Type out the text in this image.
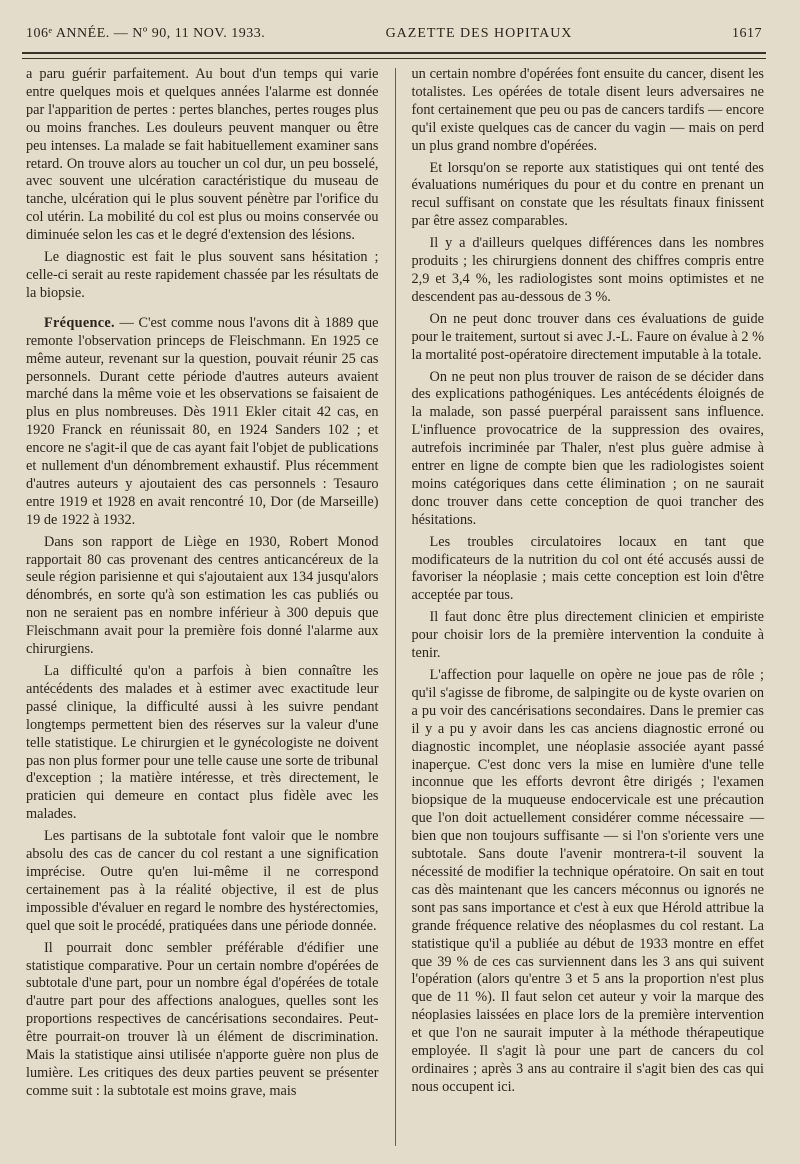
106ᵉ ANNÉE. — Nº 90, 11 NOV. 1933.	GAZETTE DES HOPITAUX	1617

a paru guérir parfaitement. Au bout d'un temps qui varie entre quelques mois et quelques années l'alarme est donnée par l'apparition de pertes : pertes blanches, pertes rouges plus ou moins franches. Les douleurs peuvent manquer ou être peu intenses. La malade se fait habituellement examiner sans retard. On trouve alors au toucher un col dur, un peu bosselé, avec souvent une ulcération caractéristique du museau de tanche, ulcération qui le plus souvent pénètre par l'orifice du col utérin. La mobilité du col est plus ou moins conservée ou diminuée selon les cas et le degré d'extension des lésions.

Le diagnostic est fait le plus souvent sans hésitation ; celle-ci serait au reste rapidement chassée par les résultats de la biopsie.

Fréquence. — C'est comme nous l'avons dit à 1889 que remonte l'observation princeps de Fleischmann. En 1925 ce même auteur, revenant sur la question, pouvait réunir 25 cas personnels. Durant cette période d'autres auteurs avaient marché dans la même voie et les observations se faisaient de plus en plus nombreuses. Dès 1911 Ekler citait 42 cas, en 1920 Franck en réunissait 80, en 1924 Sanders 102 ; et encore ne s'agit-il que de cas ayant fait l'objet de publications et nullement d'un dénombrement exhaustif. Plus récemment d'autres auteurs y ajoutaient des cas personnels : Tesauro entre 1919 et 1928 en avait rencontré 10, Dor (de Marseille) 19 de 1922 à 1932.

Dans son rapport de Liège en 1930, Robert Monod rapportait 80 cas provenant des centres anticancéreux de la seule région parisienne et qui s'ajoutaient aux 134 jusqu'alors dénombrés, en sorte qu'à son estimation les cas publiés ou non ne seraient pas en nombre inférieur à 300 depuis que Fleischmann avait pour la première fois donné l'alarme aux chirurgiens.

La difficulté qu'on a parfois à bien connaître les antécédents des malades et à estimer avec exactitude leur passé clinique, la difficulté aussi à les suivre pendant longtemps permettent bien des réserves sur la valeur d'une telle statistique. Le chirurgien et le gynécologiste ne doivent pas non plus former pour une telle cause une sorte de tribunal d'exception ; la matière intéresse, et très directement, le praticien qui demeure en contact plus fidèle avec les malades.

Les partisans de la subtotale font valoir que le nombre absolu des cas de cancer du col restant a une signification imprécise. Outre qu'en lui-même il ne correspond certainement pas à la réalité objective, il est de plus impossible d'évaluer en regard le nombre des hystérectomies, quel que soit le procédé, pratiquées dans une période donnée.

Il pourrait donc sembler préférable d'édifier une statistique comparative. Pour un certain nombre d'opérées de subtotale d'une part, pour un nombre égal d'opérées de totale d'autre part pour des affections analogues, quelles sont les proportions respectives de cancérisations secondaires. Peut-être pourrait-on trouver là un élément de discrimination. Mais la statistique ainsi utilisée n'apporte guère non plus de lumière. Les critiques des deux parties peuvent se présenter comme suit : la subtotale est moins grave, mais

un certain nombre d'opérées font ensuite du cancer, disent les totalistes. Les opérées de totale disent leurs adversaires ne font certainement que peu ou pas de cancers tardifs — encore qu'il existe quelques cas de cancer du vagin — mais on perd un plus grand nombre d'opérées.

Et lorsqu'on se reporte aux statistiques qui ont tenté des évaluations numériques du pour et du contre en prenant un recul suffisant on constate que les résultats finaux finissent par être assez comparables.

Il y a d'ailleurs quelques différences dans les nombres produits ; les chirurgiens donnent des chiffres compris entre 2,9 et 3,4 %, les radiologistes sont moins optimistes et ne descendent pas au-dessous de 3 %.

On ne peut donc trouver dans ces évaluations de guide pour le traitement, surtout si avec J.-L. Faure on évalue à 2 % la mortalité post-opératoire directement imputable à la totale.

On ne peut non plus trouver de raison de se décider dans des explications pathogéniques. Les antécédents éloignés de la malade, son passé puerpéral paraissent sans influence. L'influence provocatrice de la suppression des ovaires, autrefois incriminée par Thaler, n'est plus guère admise à entrer en ligne de compte bien que les radiologistes soient moins catégoriques dans cette élimination ; on ne saurait donc trouver dans cette conception de quoi trancher des hésitations.

Les troubles circulatoires locaux en tant que modificateurs de la nutrition du col ont été accusés aussi de favoriser la néoplasie ; mais cette conception est loin d'être acceptée par tous.

Il faut donc être plus directement clinicien et empiriste pour choisir lors de la première intervention la conduite à tenir.

L'affection pour laquelle on opère ne joue pas de rôle ; qu'il s'agisse de fibrome, de salpingite ou de kyste ovarien on a pu voir des cancérisations secondaires. Dans le premier cas il y a pu y avoir dans les cas anciens diagnostic erroné ou diagnostic incomplet, une néoplasie associée ayant passé inaperçue. C'est donc vers la mise en lumière d'une telle inconnue que les efforts devront être dirigés ; l'examen biopsique de la muqueuse endocervicale est une précaution que l'on doit actuellement considérer comme nécessaire — bien que non toujours suffisante — si l'on s'oriente vers une subtotale. Sans doute l'avenir montrera-t-il souvent la nécessité de modifier la technique opératoire. On sait en tout cas dès maintenant que les cancers méconnus ou ignorés ne sont pas sans importance et c'est à eux que Hérold attribue la grande fréquence relative des néoplasmes du col restant. La statistique qu'il a publiée au début de 1933 montre en effet que 39 % de ces cas surviennent dans les 3 ans qui suivent l'opération (alors qu'entre 3 et 5 ans la proportion n'est plus que de 11 %). Il faut selon cet auteur y voir la marque des néoplasies laissées en place lors de la première intervention et que l'on ne saurait imputer à la méthode thérapeutique employée. Il s'agit là pour une part de cancers du col ordinaires ; après 3 ans au contraire il s'agit bien des cas qui nous occupent ici.
